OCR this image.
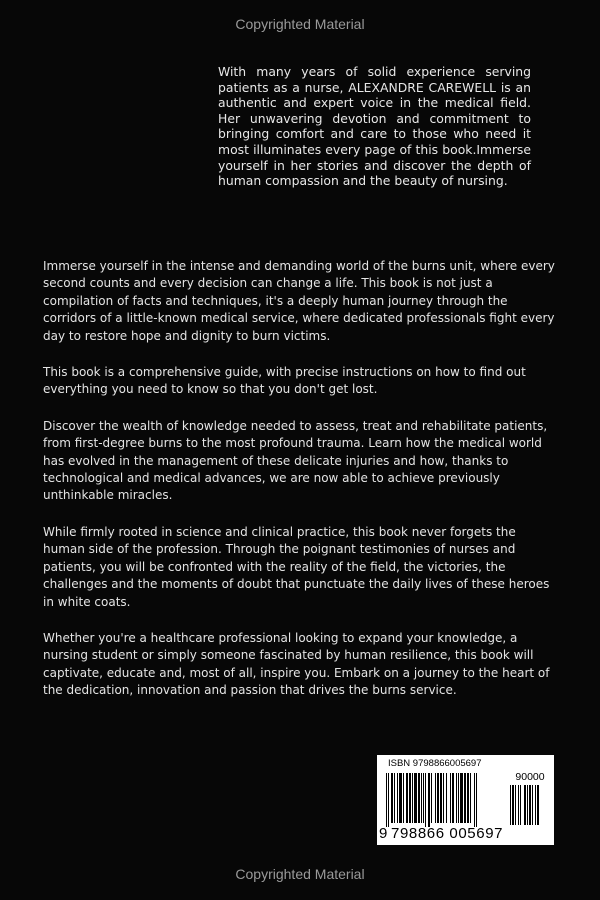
Copyrighted Material
With many years of solid experience serving patients as a nurse, ALEXANDRE CAREWELL is an authentic and expert voice in the medical field. Her unwavering devotion and commitment to bringing comfort and care to those who need it most illuminates every page of this book.Immerse yourself in her stories and discover the depth of human compassion and the beauty of nursing.

Immerse yourself in the intense and demanding world of the burns unit, where every second counts and every decision can change a life. This book is not just a compilation of facts and techniques, it's a deeply human journey through the corridors of a little-known medical service, where dedicated professionals fight every day to restore hope and dignity to burn victims.

This book is a comprehensive guide, with precise instructions on how to find out everything you need to know so that you don't get lost.

Discover the wealth of knowledge needed to assess, treat and rehabilitate patients, from first-degree burns to the most profound trauma. Learn how the medical world has evolved in the management of these delicate injuries and how, thanks to technological and medical advances, we are now able to achieve previously unthinkable miracles.

While firmly rooted in science and clinical practice, this book never forgets the human side of the profession. Through the poignant testimonies of nurses and patients, you will be confronted with the reality of the field, the victories, the challenges and the moments of doubt that punctuate the daily lives of these heroes in white coats.

Whether you're a healthcare professional looking to expand your knowledge, a nursing student or simply someone fascinated by human resilience, this book will captivate, educate and, most of all, inspire you. Embark on a journey to the heart of the dedication, innovation and passion that drives the burns service.

ISBN 9798866005697
90000
9 798866 005697
Copyrighted Material
